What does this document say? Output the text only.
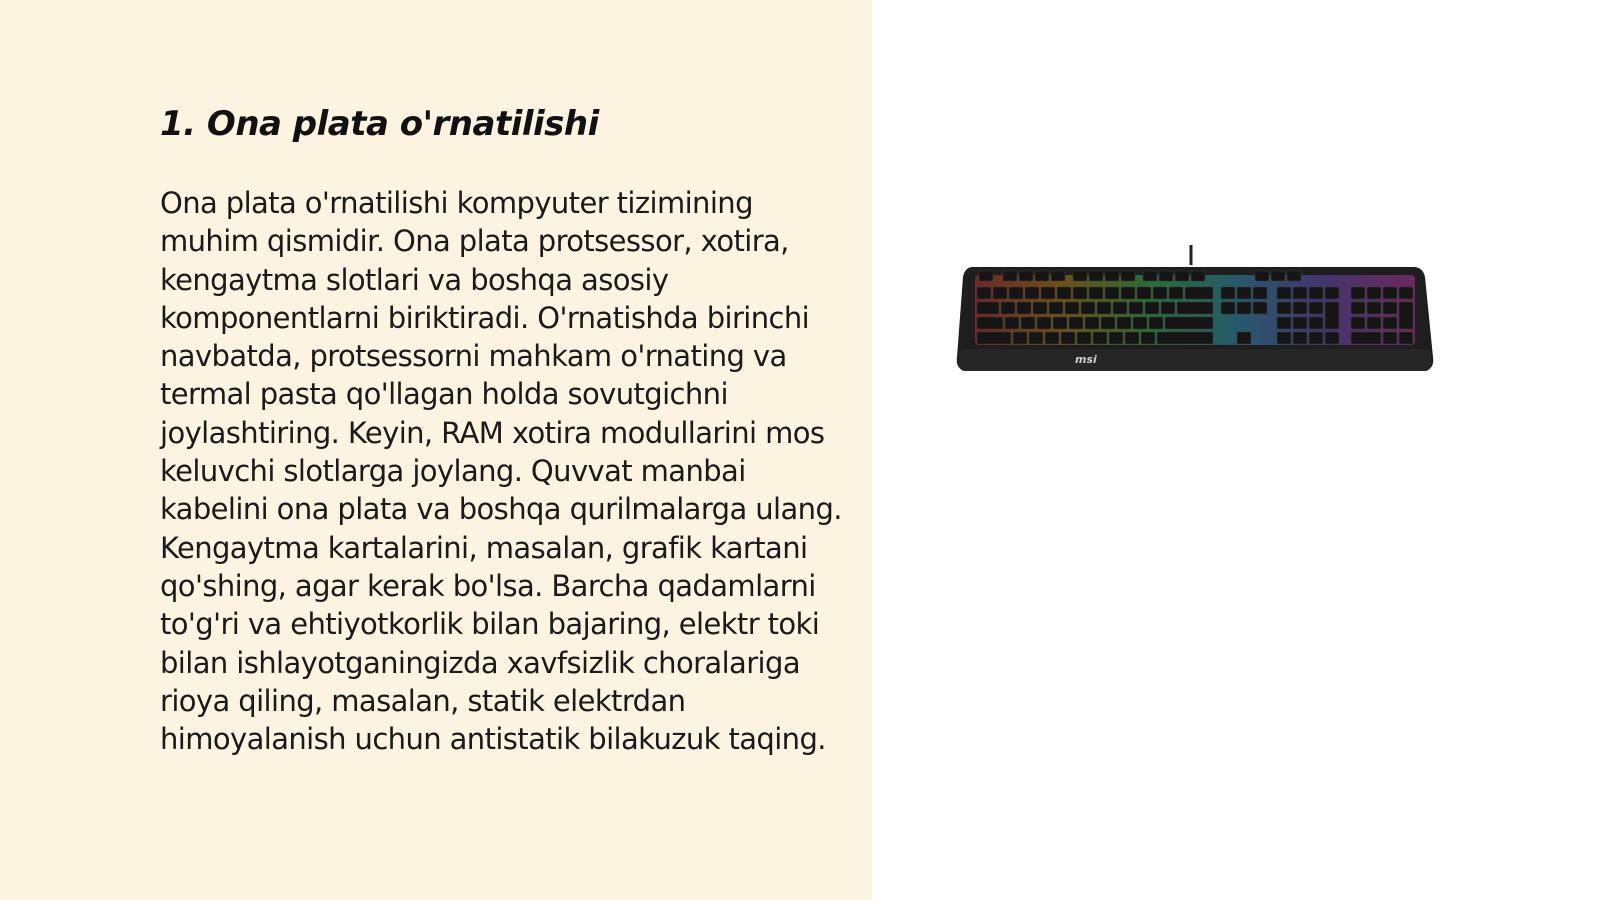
1. Ona plata o'rnatilishi

Ona plata o'rnatilishi kompyuter tizimining muhim qismidir. Ona plata protsessor, xotira, kengaytma slotlari va boshqa asosiy komponentlarni biriktiradi. O'rnatishda birinchi navbatda, protsessorni mahkam o'rnating va termal pasta qo'llagan holda sovutgichni joylashtiring. Keyin, RAM xotira modullarini mos keluvchi slotlarga joylang. Quvvat manbai kabelini ona plata va boshqa qurilmalarga ulang. Kengaytma kartalarini, masalan, grafik kartani qo'shing, agar kerak bo'lsa. Barcha qadamlarni to'g'ri va ehtiyotkorlik bilan bajaring, elektr toki bilan ishlayotganingizda xavfsizlik choralariga rioya qiling, masalan, statik elektrdan himoyalanish uchun antistatik bilakuzuk taqing.

msi
